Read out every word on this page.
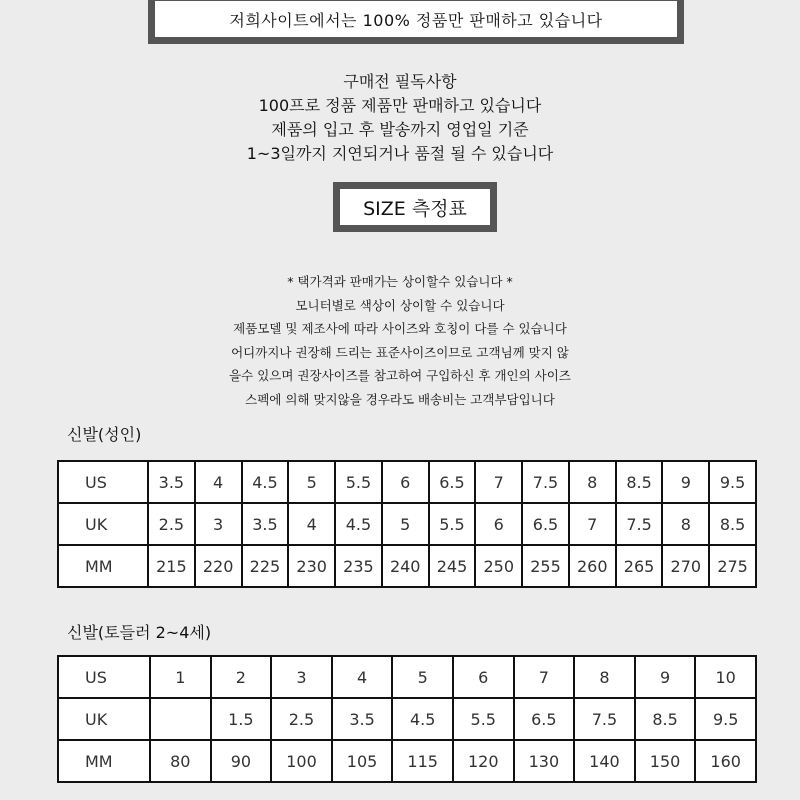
저희사이트에서는 100% 정품만 판매하고 있습니다
구매전 필독사항
100프로 정품 제품만 판매하고 있습니다
제품의 입고 후 발송까지 영업일 기준
1~3일까지 지연되거나 품절 될 수 있습니다
SIZE 측정표
* 택가격과 판매가는 상이할수 있습니다 *
모니터별로 색상이 상이할 수 있습니다
제품모델 및 제조사에 따라 사이즈와 호칭이 다를 수 있습니다
어디까지나 권장해 드리는 표준사이즈이므로 고객님께 맞지 않
을수 있으며 권장사이즈를 참고하여 구입하신 후 개인의 사이즈
스펙에 의해 맞지않을 경우라도 배송비는 고객부담입니다
신발(성인)
US	3.5	4	4.5	5	5.5	6	6.5	7	7.5	8	8.5	9	9.5
UK	2.5	3	3.5	4	4.5	5	5.5	6	6.5	7	7.5	8	8.5
MM	215	220	225	230	235	240	245	250	255	260	265	270	275
신발(토들러 2~4세)
US	1	2	3	4	5	6	7	8	9	10
UK		1.5	2.5	3.5	4.5	5.5	6.5	7.5	8.5	9.5
MM	80	90	100	105	115	120	130	140	150	160
